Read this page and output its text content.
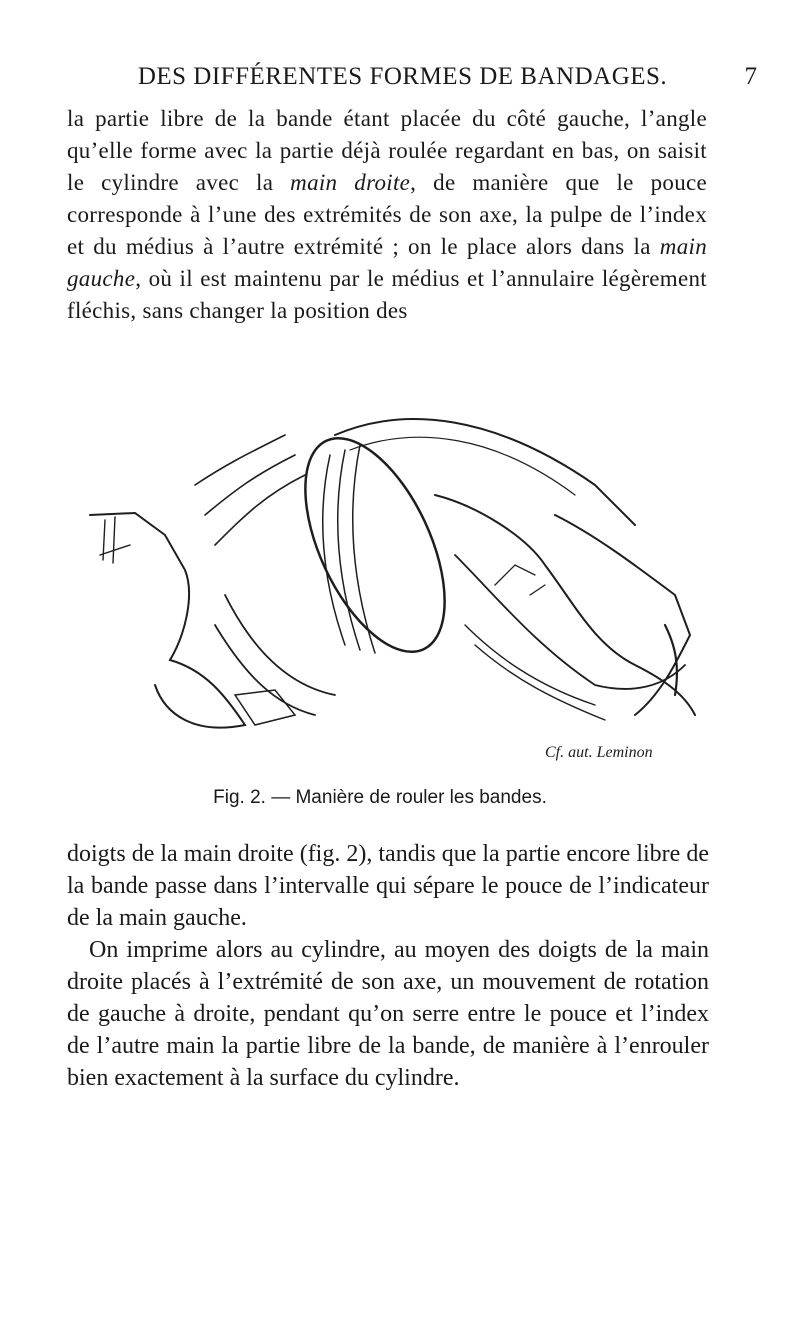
DES DIFFÉRENTES FORMES DE BANDAGES.	7

la partie libre de la bande étant placée du côté gauche, l’angle qu’elle forme avec la partie déjà roulée regardant en bas, on saisit le cylindre avec la main droite, de manière que le pouce corresponde à l’une des extrémités de son axe, la pulpe de l’index et du médius à l’autre extrémité ; on le place alors dans la main gauche, où il est maintenu par le médius et l’annulaire légèrement fléchis, sans changer la position des

Cf. aut. Leminon
Fig. 2. — Manière de rouler les bandes.

doigts de la main droite (fig. 2), tandis que la partie encore libre de la bande passe dans l’intervalle qui sépare le pouce de l’indicateur de la main gauche.

On imprime alors au cylindre, au moyen des doigts de la main droite placés à l’extrémité de son axe, un mouvement de rotation de gauche à droite, pendant qu’on serre entre le pouce et l’index de l’autre main la partie libre de la bande, de manière à l’enrouler bien exactement à la surface du cylindre.
